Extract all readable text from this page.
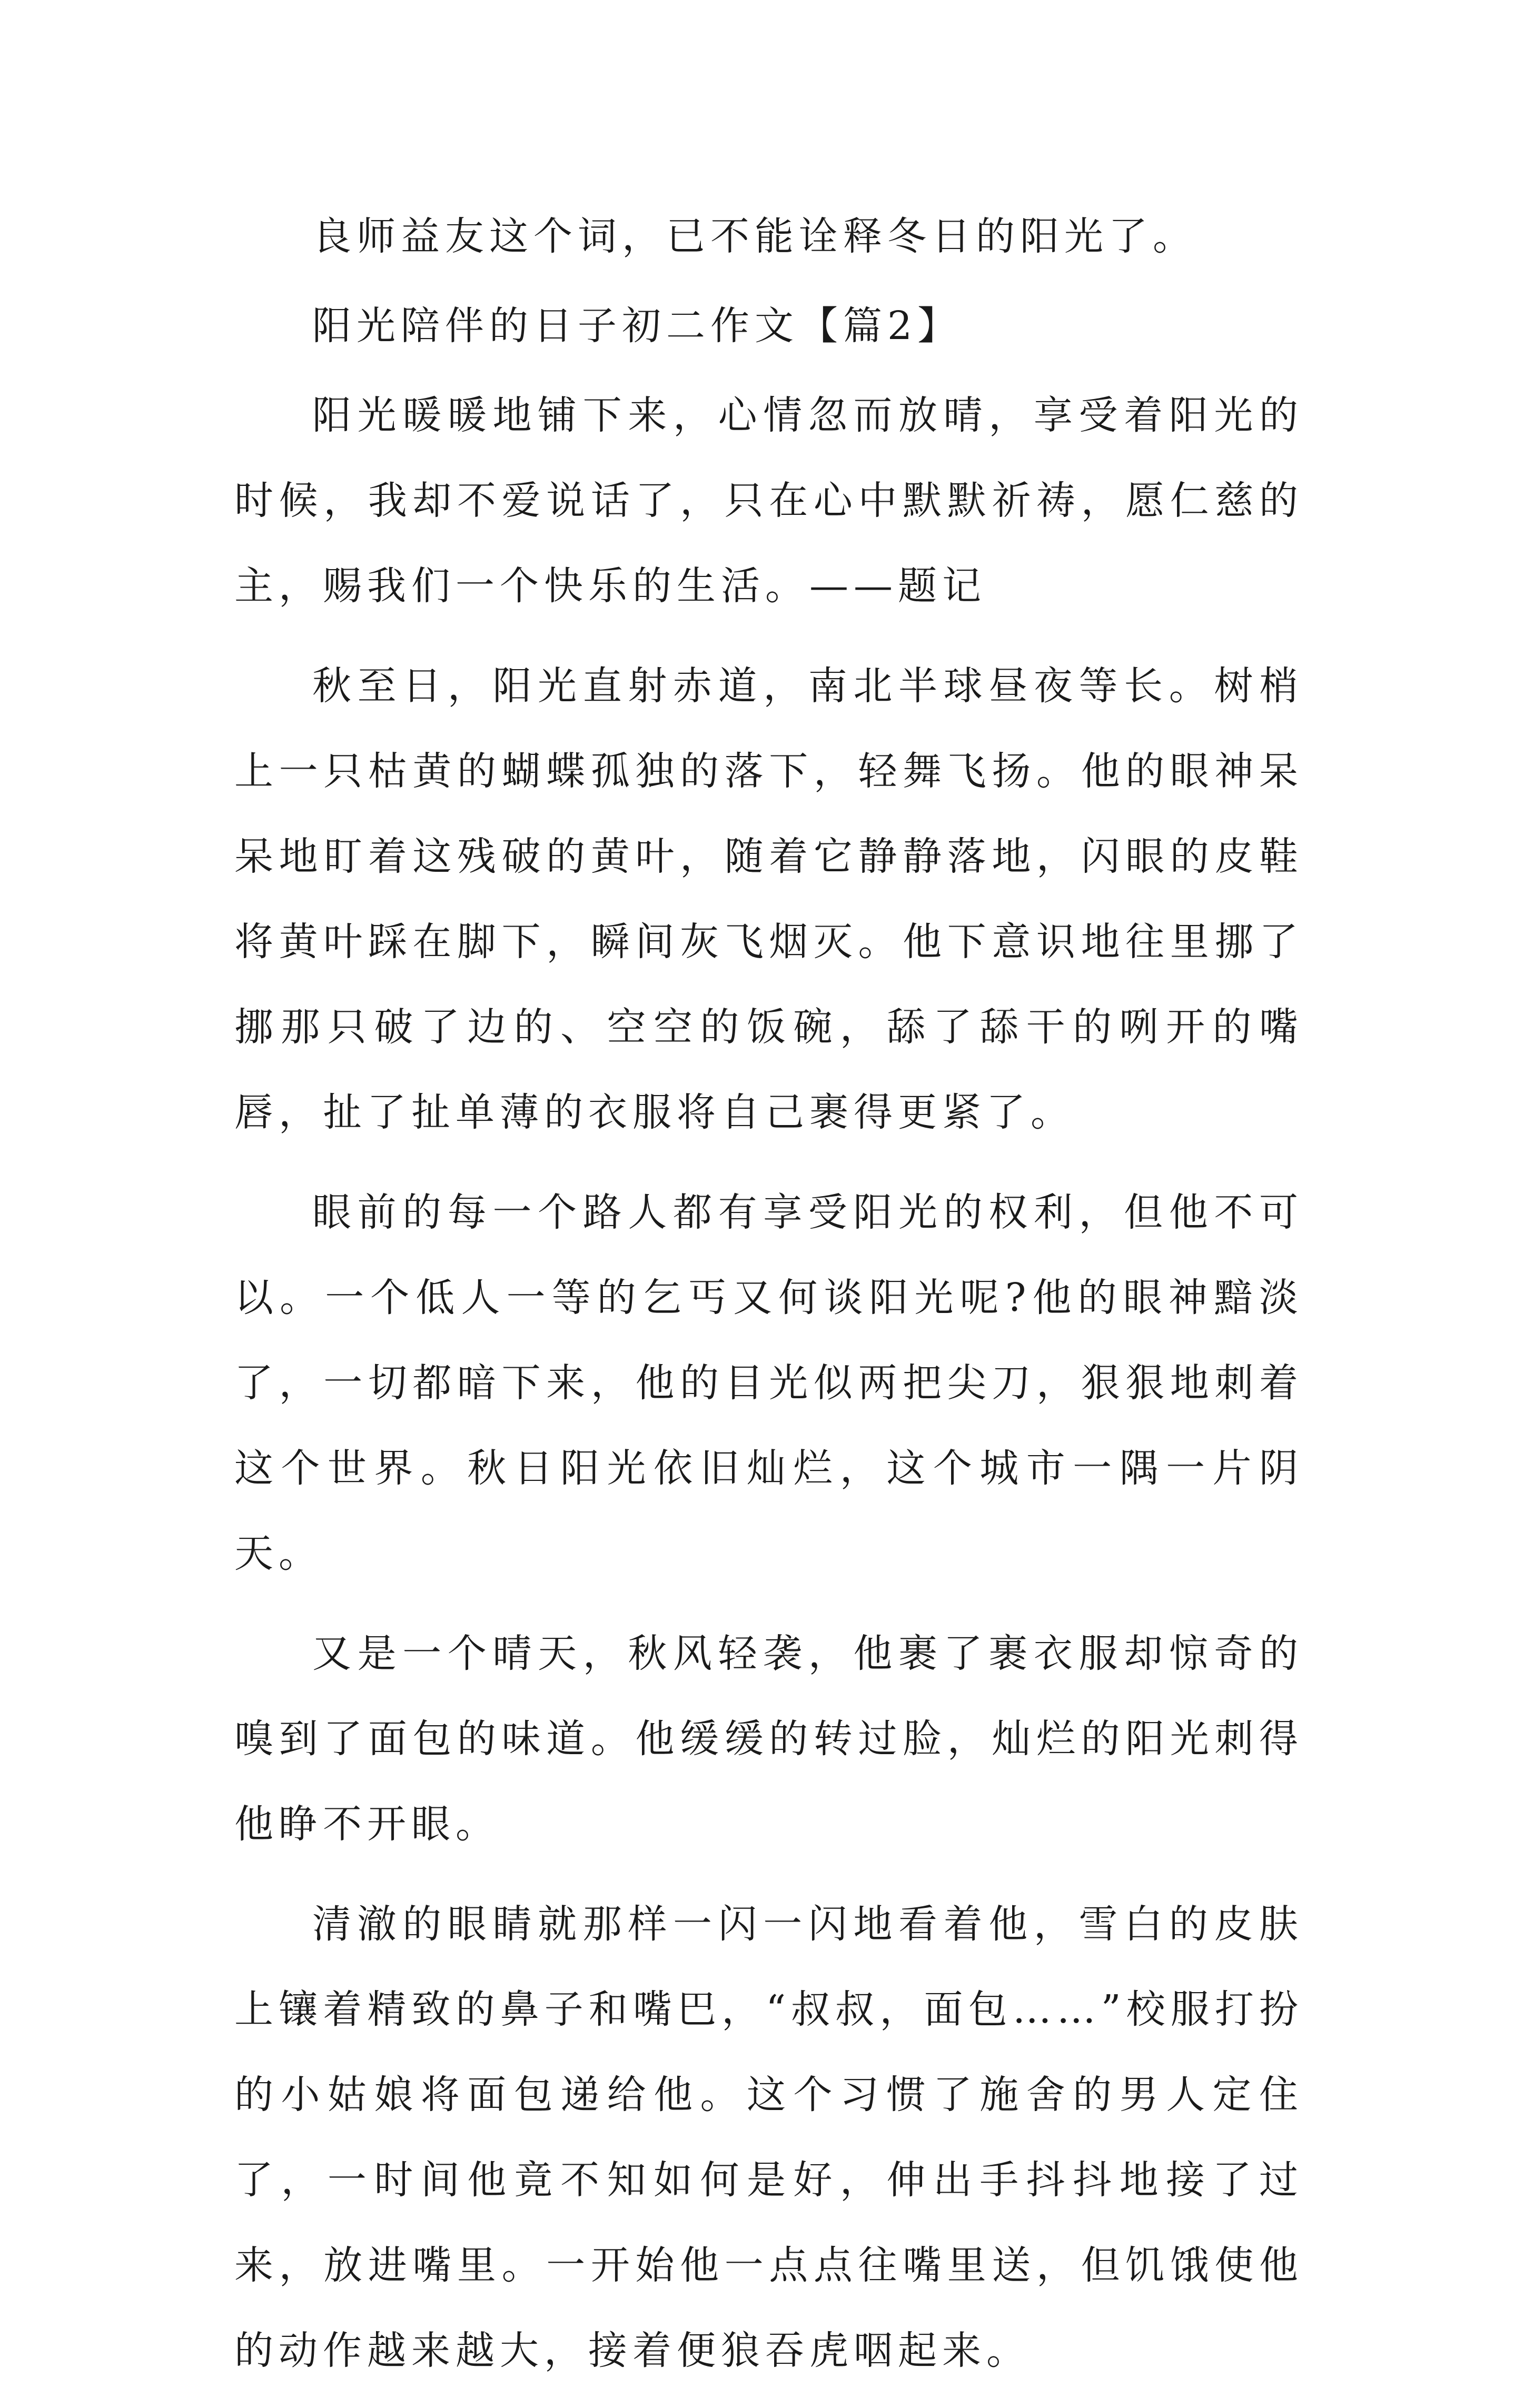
良师益友这个词，已不能诠释冬日的阳光了。

阳光陪伴的日子初二作文【篇2】

阳光暖暖地铺下来，心情忽而放晴，享受着阳光的时候，我却不爱说话了，只在心中默默祈祷，愿仁慈的主，赐我们一个快乐的生活。——题记

秋至日，阳光直射赤道，南北半球昼夜等长。树梢上一只枯黄的蝴蝶孤独的落下，轻舞飞扬。他的眼神呆呆地盯着这残破的黄叶，随着它静静落地，闪眼的皮鞋将黄叶踩在脚下，瞬间灰飞烟灭。他下意识地往里挪了挪那只破了边的、空空的饭碗，舔了舔干的咧开的嘴唇，扯了扯单薄的衣服将自己裹得更紧了。

眼前的每一个路人都有享受阳光的权利，但他不可以。一个低人一等的乞丐又何谈阳光呢?他的眼神黯淡了，一切都暗下来，他的目光似两把尖刀，狠狠地刺着这个世界。秋日阳光依旧灿烂，这个城市一隅一片阴天。

又是一个晴天，秋风轻袭，他裹了裹衣服却惊奇的嗅到了面包的味道。他缓缓的转过脸，灿烂的阳光刺得他睁不开眼。

清澈的眼睛就那样一闪一闪地看着他，雪白的皮肤上镶着精致的鼻子和嘴巴，“叔叔，面包……”校服打扮的小姑娘将面包递给他。这个习惯了施舍的男人定住了，一时间他竟不知如何是好，伸出手抖抖地接了过来，放进嘴里。一开始他一点点往嘴里送，但饥饿使他的动作越来越大，接着便狼吞虎咽起来。
